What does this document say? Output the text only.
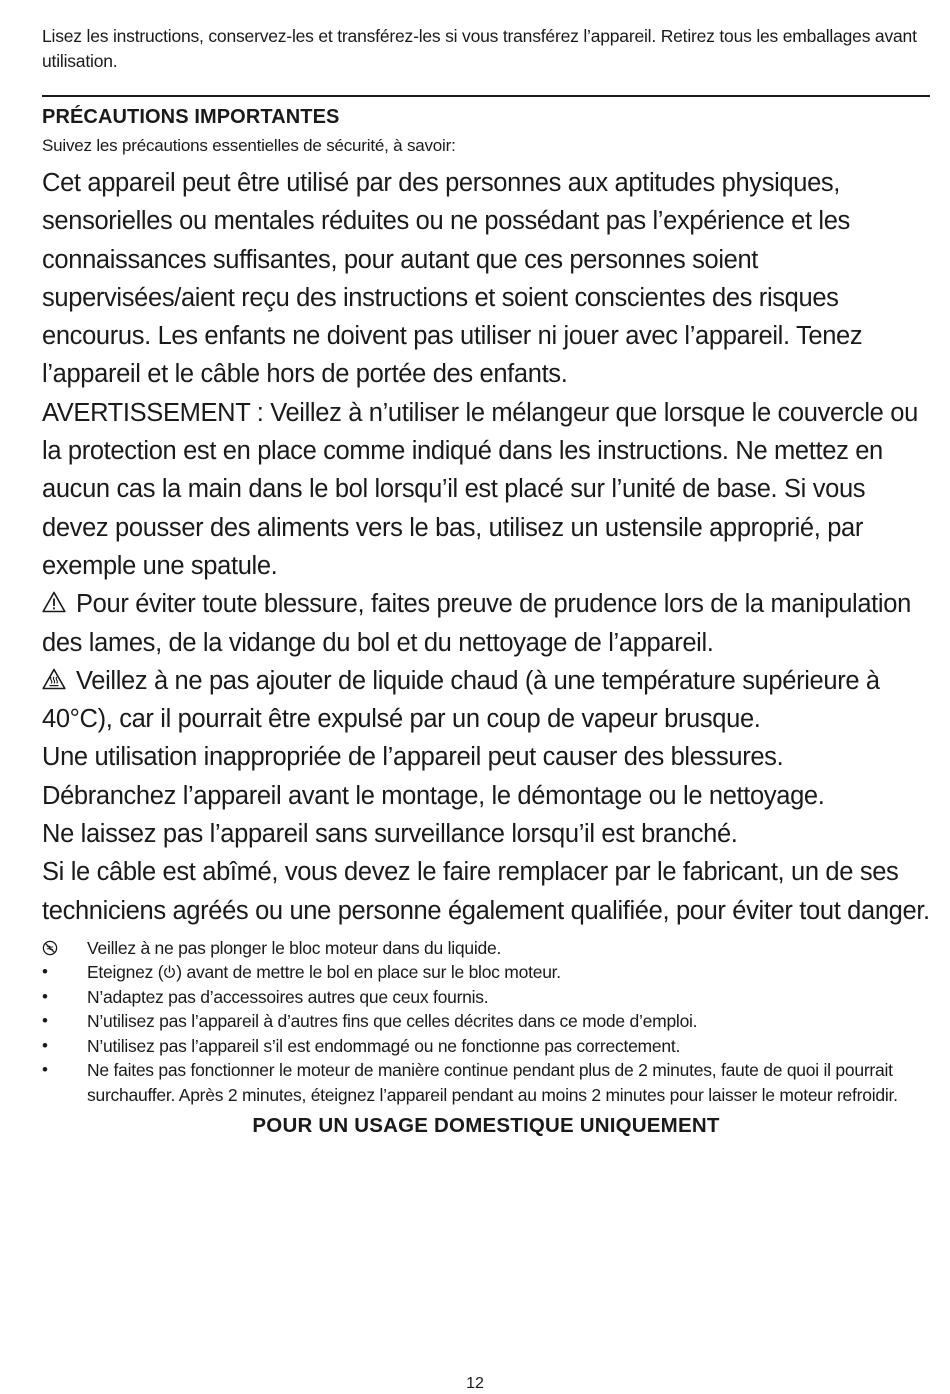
Lisez les instructions, conservez-les et transférez-les si vous transférez l’appareil. Retirez tous les emballages avant utilisation.

PRÉCAUTIONS IMPORTANTES
Suivez les précautions essentielles de sécurité, à savoir:

Cet appareil peut être utilisé par des personnes aux aptitudes physiques, sensorielles ou mentales réduites ou ne possédant pas l’expérience et les connaissances suffisantes, pour autant que ces personnes soient supervisées/aient reçu des instructions et soient conscientes des risques encourus. Les enfants ne doivent pas utiliser ni jouer avec l’appareil. Tenez l’appareil et le câble hors de portée des enfants.

AVERTISSEMENT : Veillez à n’utiliser le mélangeur que lorsque le couvercle ou la protection est en place comme indiqué dans les instructions. Ne mettez en aucun cas la main dans le bol lorsqu’il est placé sur l’unité de base. Si vous devez pousser des aliments vers le bas, utilisez un ustensile approprié, par exemple une spatule.

Pour éviter toute blessure, faites preuve de prudence lors de la manipulation des lames, de la vidange du bol et du nettoyage de l’appareil.

Veillez à ne pas ajouter de liquide chaud (à une température supérieure à 40°C), car il pourrait être expulsé par un coup de vapeur brusque.

Une utilisation inappropriée de l’appareil peut causer des blessures.

Débranchez l’appareil avant le montage, le démontage ou le nettoyage.

Ne laissez pas l’appareil sans surveillance lorsqu’il est branché.

Si le câble est abîmé, vous devez le faire remplacer par le fabricant, un de ses techniciens agréés ou une personne également qualifiée, pour éviter tout danger.

Veillez à ne pas plonger le bloc moteur dans du liquide.
•	Eteignez ( ) avant de mettre le bol en place sur le bloc moteur.
•	N’adaptez pas d’accessoires autres que ceux fournis.
•	N’utilisez pas l’appareil à d’autres fins que celles décrites dans ce mode d’emploi.
•	N’utilisez pas l’appareil s’il est endommagé ou ne fonctionne pas correctement.
•	Ne faites pas fonctionner le moteur de manière continue pendant plus de 2 minutes, faute de quoi il pourrait surchauffer. Après 2 minutes, éteignez l’appareil pendant au moins 2 minutes pour laisser le moteur refroidir.
POUR UN USAGE DOMESTIQUE UNIQUEMENT
12
